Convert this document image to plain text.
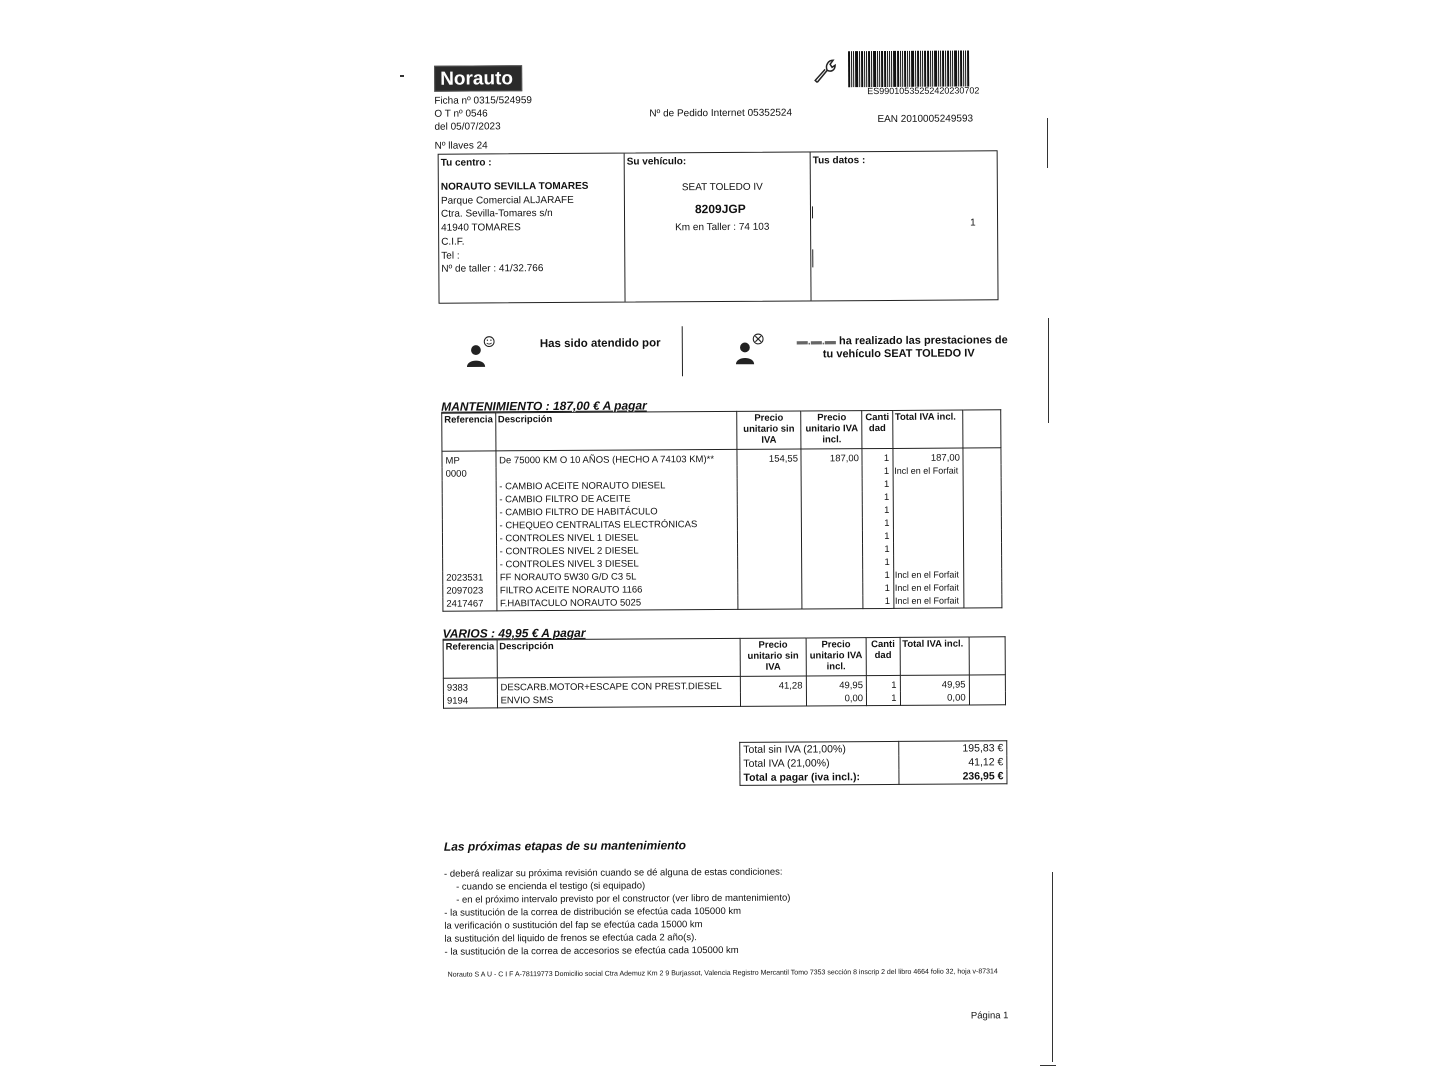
Norauto
Ficha nº 0315/524959
O T nº 0546
del 05/07/2023
Nº llaves 24
Nº de Pedido Internet 05352524
ES9901053525242023070​2
EAN 2010005249593
Tu centro :
NORAUTO SEVILLA TOMARES
Parque Comercial ALJARAFE
Ctra. Sevilla-Tomares s/n
41940 TOMARES
C.I.F.
Tel :
Nº de taller : 41/32.766
Su vehículo:
SEAT TOLEDO IV
8209JGP
Km en Taller : 74 103
Tus datos :
1
Has sido atendido por	▬.▬.▬ ha realizado las prestaciones de
tu vehículo SEAT TOLEDO IV
MANTENIMIENTO : 187,00 € A pagar
Referencia	Descripción	Precio unitario sin IVA	Precio unitario IVA incl.	Cantidad	Total IVA incl.	
MP	De 75000 KM O 10 AÑOS (HECHO A 74103 KM)**	154,55	187,00	1	187,00	
0000				1	Incl en el Forfait	
	- CAMBIO ACEITE NORAUTO DIESEL			1		
	- CAMBIO FILTRO DE ACEITE			1		
	- CAMBIO FILTRO DE HABITÁCULO			1		
	- CHEQUEO CENTRALITAS ELECTRÓNICAS			1		
	- CONTROLES NIVEL 1 DIESEL			1		
	- CONTROLES NIVEL 2 DIESEL			1		
	- CONTROLES NIVEL 3 DIESEL			1		
2023531	FF NORAUTO 5W30 G/D C3 5L			1	Incl en el Forfait	
2097023	FILTRO ACEITE NORAUTO 1166			1	Incl en el Forfait	
2417467	F.HABITACULO NORAUTO 5025			1	Incl en el Forfait	
VARIOS : 49,95 € A pagar
Referencia	Descripción	Precio unitario sin IVA	Precio unitario IVA incl.	Cantidad	Total IVA incl.	
9383	DESCARB.MOTOR+ESCAPE CON PREST.DIESEL	41,28	49,95	1	49,95	
9194	ENVIO SMS		0,00	1	0,00	
Total sin IVA (21,00%)	195,83 €
Total IVA (21,00%)	41,12 €
Total a pagar (iva incl.):	236,95 €
Las próximas etapas de su mantenimiento
- deberá realizar su próxima revisión cuando se dé alguna de estas condiciones:
- cuando se encienda el testigo (si equipado)
- en el próximo intervalo previsto por el constructor (ver libro de mantenimiento)
- la sustitución de la correa de distribución se efectúa cada 105000 km
la verificación o sustitución del fap se efectúa cada 15000 km
la sustitución del liquido de frenos se efectúa cada 2 año(s).
- la sustitución de la correa de accesorios se efectúa cada 105000 km
Norauto S A U - C I F A-78119773 Domicilio social Ctra Ademuz Km 2 9 Burjassot, Valencia Registro Mercantil Tomo 7353 sección 8 inscrip 2 del libro 4664 folio 32, hoja v-87314
Página 1
